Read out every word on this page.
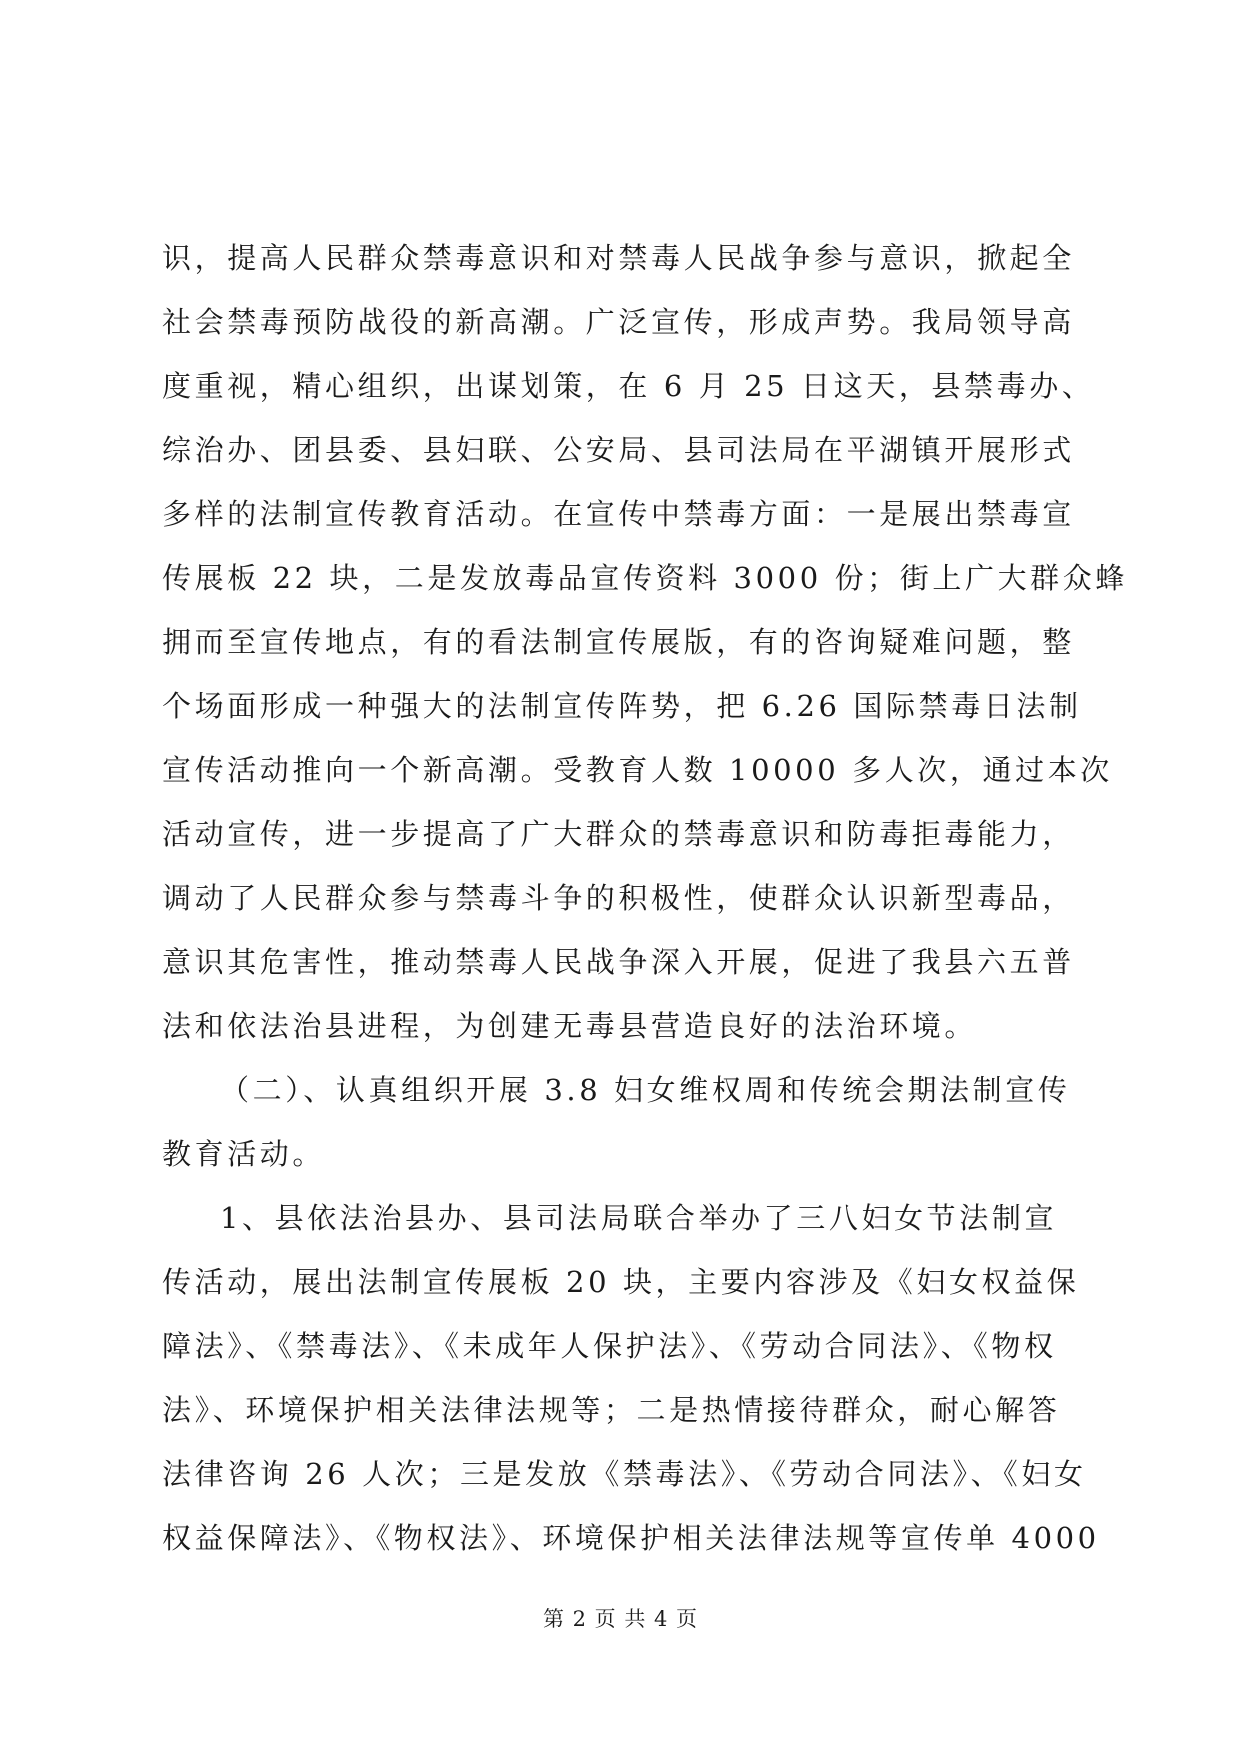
识，提高人民群众禁毒意识和对禁毒人民战争参与意识，掀起全
社会禁毒预防战役的新高潮。广泛宣传，形成声势。我局领导高
度重视，精心组织，出谋划策，在 6 月 25 日这天，县禁毒办、
综治办、团县委、县妇联、公安局、县司法局在平湖镇开展形式
多样的法制宣传教育活动。在宣传中禁毒方面：一是展出禁毒宣
传展板 22 块，二是发放毒品宣传资料 3000 份；街上广大群众蜂
拥而至宣传地点，有的看法制宣传展版，有的咨询疑难问题，整
个场面形成一种强大的法制宣传阵势，把 6.26 国际禁毒日法制
宣传活动推向一个新高潮。受教育人数 10000 多人次，通过本次
活动宣传，进一步提高了广大群众的禁毒意识和防毒拒毒能力，
调动了人民群众参与禁毒斗争的积极性，使群众认识新型毒品，
意识其危害性，推动禁毒人民战争深入开展，促进了我县六五普
法和依法治县进程，为创建无毒县营造良好的法治环境。
（二）、认真组织开展 3.8 妇女维权周和传统会期法制宣传
教育活动。
1、县依法治县办、县司法局联合举办了三八妇女节法制宣
传活动，展出法制宣传展板 20 块，主要内容涉及《妇女权益保
障法》、《禁毒法》、《未成年人保护法》、《劳动合同法》、《物权
法》、环境保护相关法律法规等；二是热情接待群众，耐心解答
法律咨询 26 人次；三是发放《禁毒法》、《劳动合同法》、《妇女
权益保障法》、《物权法》、环境保护相关法律法规等宣传单 4000
第 2 页 共 4 页
